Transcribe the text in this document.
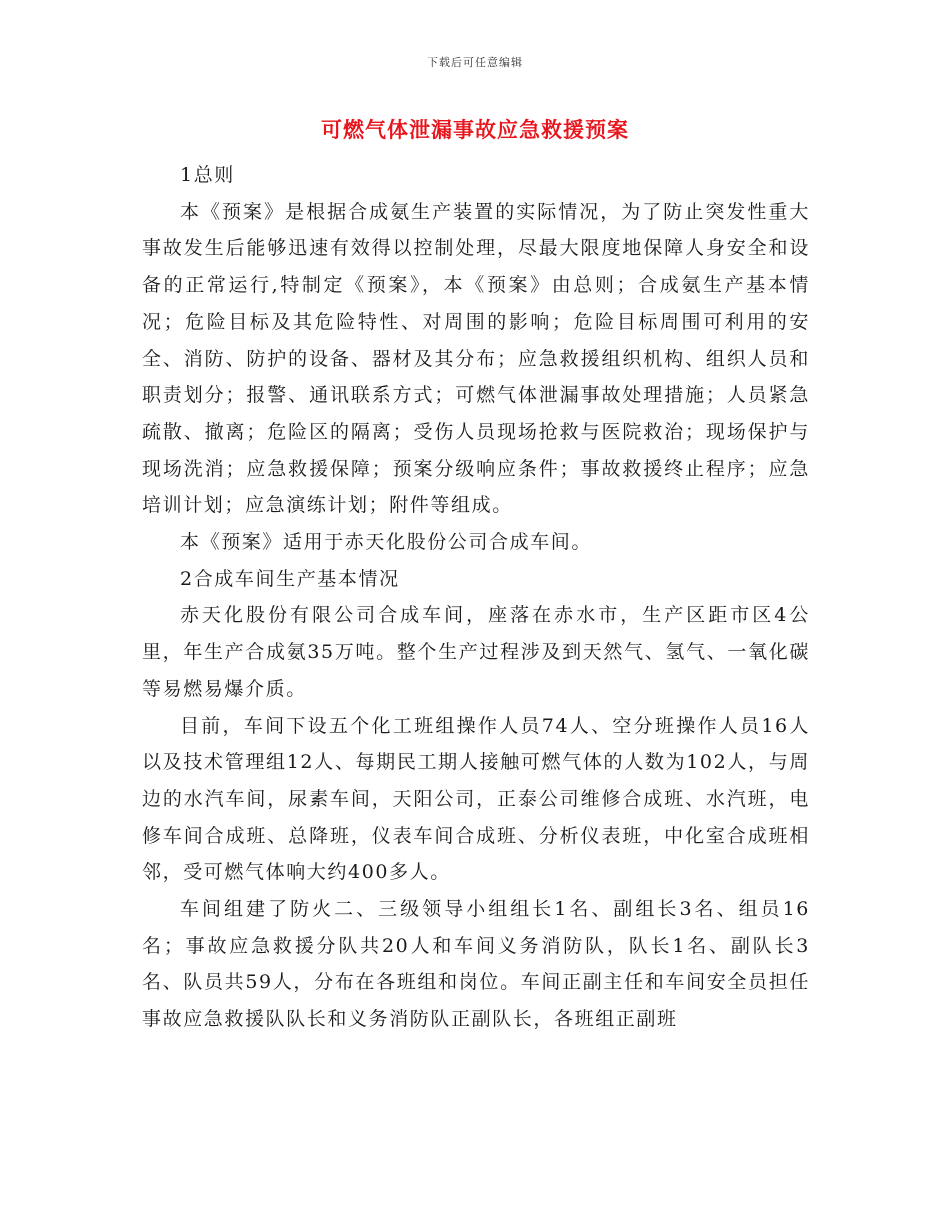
下载后可任意编辑
可燃气体泄漏事故应急救援预案

1总则

本《预案》是根据合成氨生产装置的实际情况，为了防止突发性重大事故发生后能够迅速有效得以控制处理，尽最大限度地保障人身安全和设备的正常运行,特制定《预案》，本《预案》由总则；合成氨生产基本情况；危险目标及其危险特性、对周围的影响；危险目标周围可利用的安全、消防、防护的设备、器材及其分布；应急救援组织机构、组织人员和职责划分；报警、通讯联系方式；可燃气体泄漏事故处理措施；人员紧急疏散、撤离；危险区的隔离；受伤人员现场抢救与医院救治；现场保护与现场洗消；应急救援保障；预案分级响应条件；事故救援终止程序；应急培训计划；应急演练计划；附件等组成。

本《预案》适用于赤天化股份公司合成车间。

2合成车间生产基本情况

赤天化股份有限公司合成车间，座落在赤水市，生产区距市区4公里，年生产合成氨35万吨。整个生产过程涉及到天然气、氢气、一氧化碳等易燃易爆介质。

目前，车间下设五个化工班组操作人员74人、空分班操作人员16人以及技术管理组12人、每期民工期人接触可燃气体的人数为102人，与周边的水汽车间，尿素车间，天阳公司，正泰公司维修合成班、水汽班，电修车间合成班、总降班，仪表车间合成班、分析仪表班，中化室合成班相邻，受可燃气体响大约400多人。

车间组建了防火二、三级领导小组组长1名、副组长3名、组员16名；事故应急救援分队共20人和车间义务消防队，队长1名、副队长3名、队员共59人，分布在各班组和岗位。车间正副主任和车间安全员担任事故应急救援队队长和义务消防队正副队长，各班组正副班
